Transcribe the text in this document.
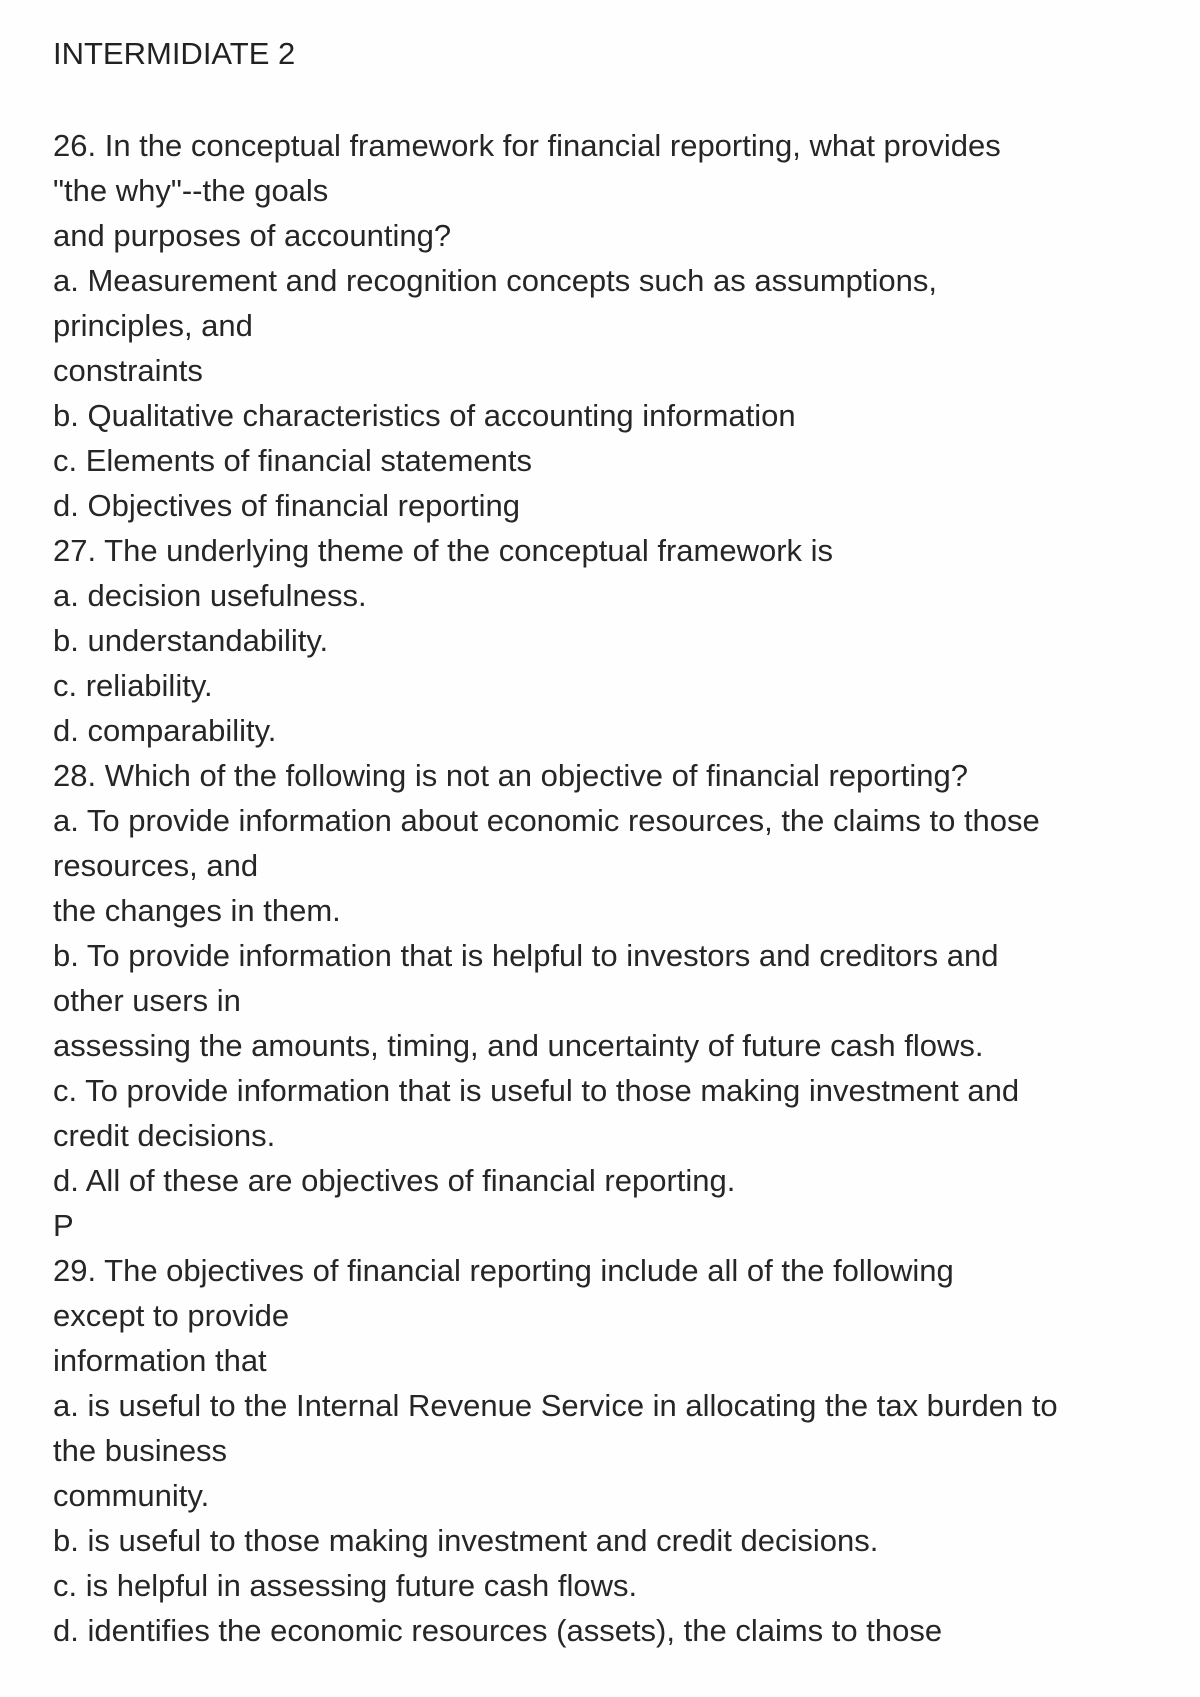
INTERMIDIATE 2
26. In the conceptual framework for financial reporting, what provides
"the why"--the goals
and purposes of accounting?
a. Measurement and recognition concepts such as assumptions,
principles, and
constraints
b. Qualitative characteristics of accounting information
c. Elements of financial statements
d. Objectives of financial reporting
27. The underlying theme of the conceptual framework is
a. decision usefulness.
b. understandability.
c. reliability.
d. comparability.
28. Which of the following is not an objective of financial reporting?
a. To provide information about economic resources, the claims to those
resources, and
the changes in them.
b. To provide information that is helpful to investors and creditors and
other users in
assessing the amounts, timing, and uncertainty of future cash flows.
c. To provide information that is useful to those making investment and
credit decisions.
d. All of these are objectives of financial reporting.
P
29. The objectives of financial reporting include all of the following
except to provide
information that
a. is useful to the Internal Revenue Service in allocating the tax burden to
the business
community.
b. is useful to those making investment and credit decisions.
c. is helpful in assessing future cash flows.
d. identifies the economic resources (assets), the claims to those
